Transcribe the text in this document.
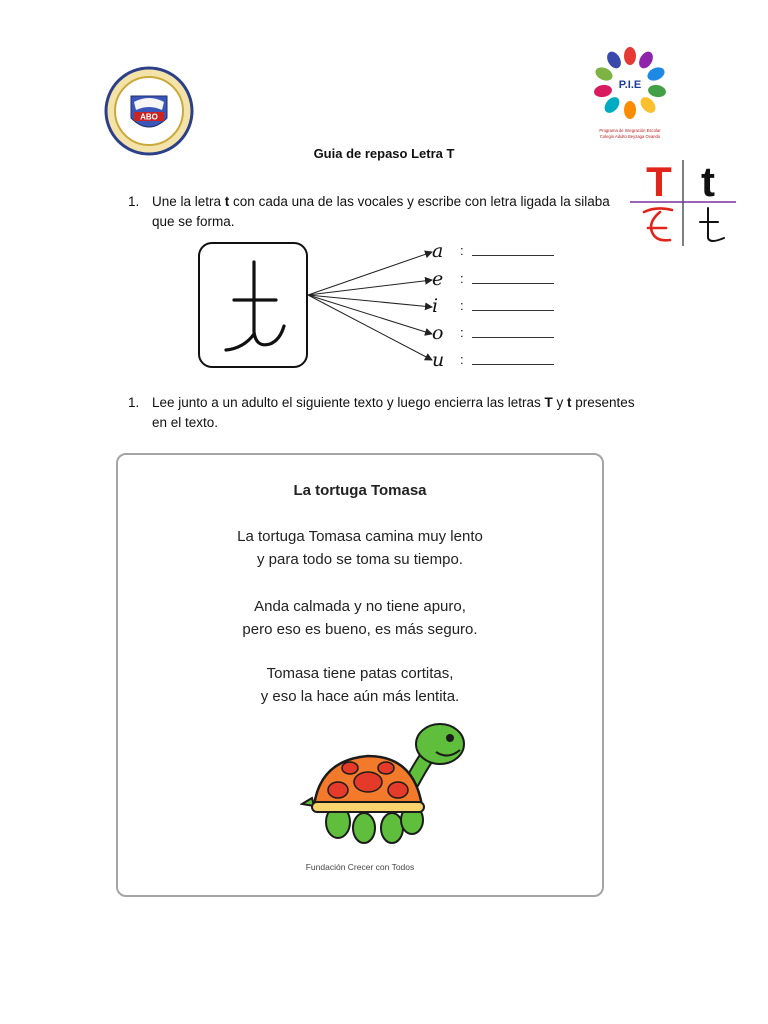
ABO
P.I.E
Programa de Integración Escolar
Colegio Adulto Beyzaga Ovando
Guia de repaso Letra T
1. Une la letra t con cada una de las vocales y escribe con letra ligada la silaba
que se forma.
T t
a :
e :
i :
o :
u :
1. Lee junto a un adulto el siguiente texto y luego encierra las letras T y t presentes
en el texto.
La tortuga Tomasa
La tortuga Tomasa camina muy lento
y para todo se toma su tiempo.
Anda calmada y no tiene apuro,
pero eso es bueno, es más seguro.
Tomasa tiene patas cortitas,
y eso la hace aún más lentita.
Fundación Crecer con Todos
